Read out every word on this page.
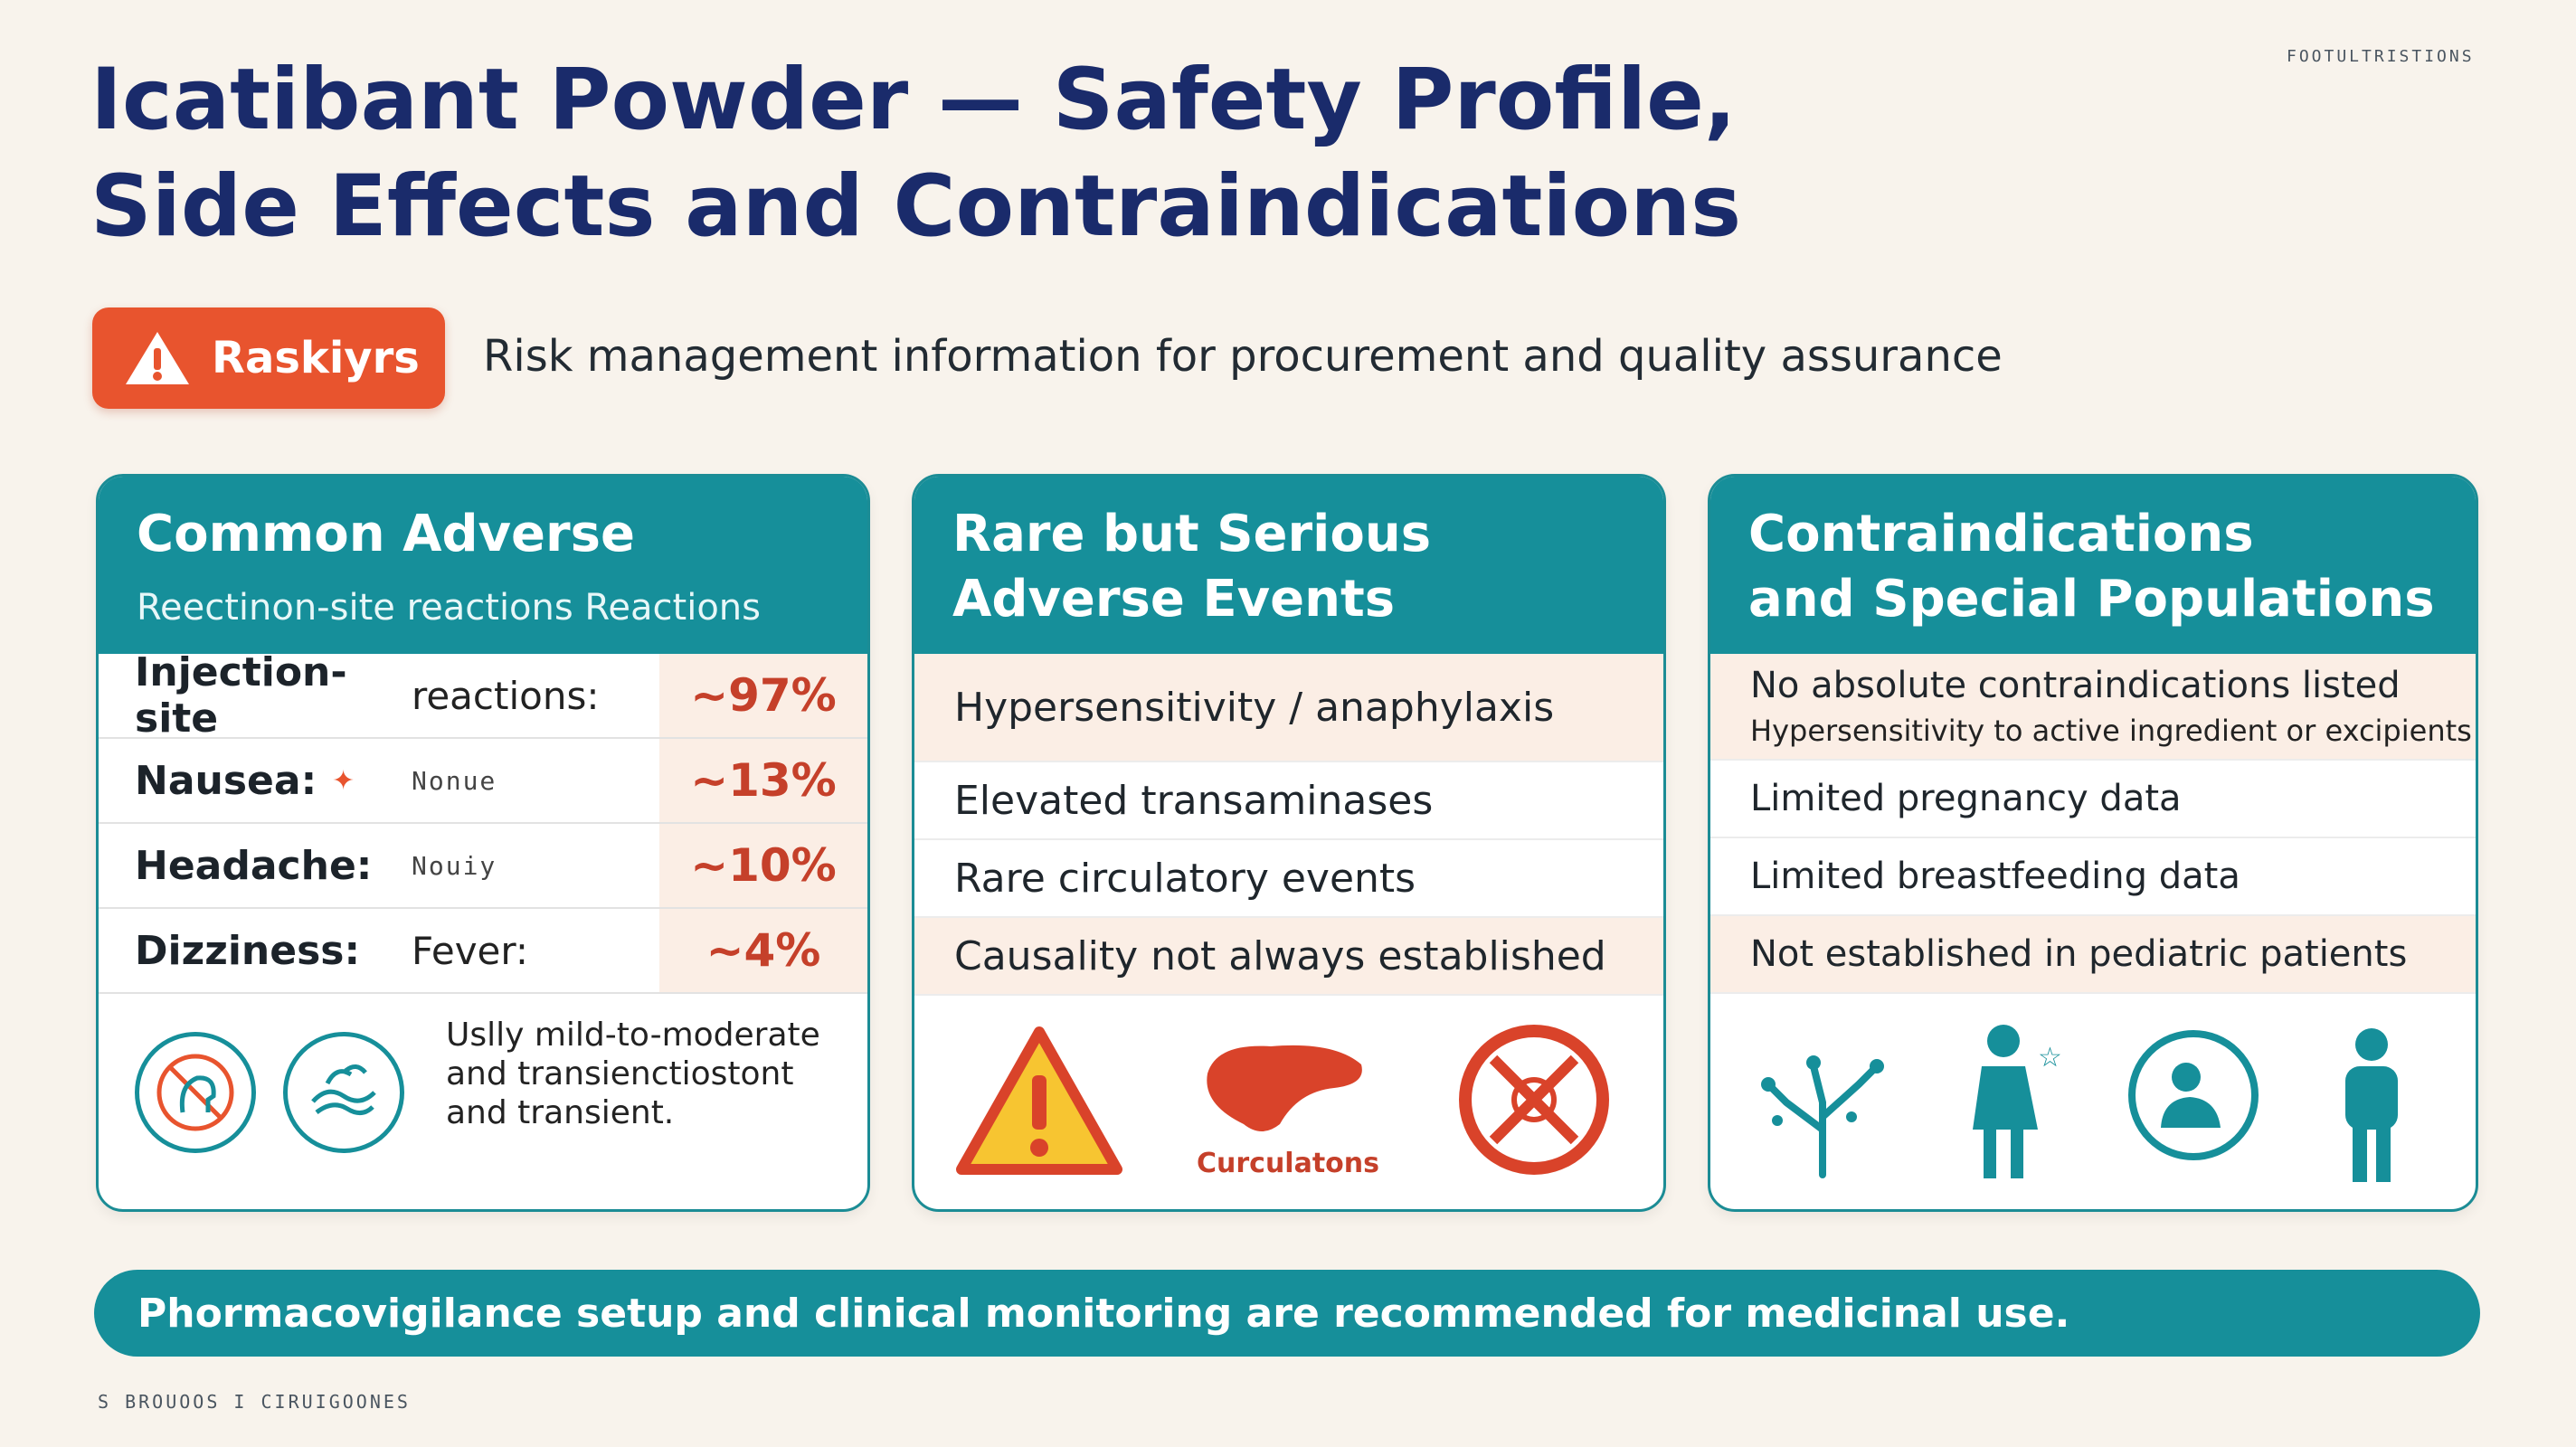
FOOTULTRISTIONS
Icatibant Powder — Safety Profile,
Side Effects and Contraindications
Raskiyrs Risk management information for procurement and quality assurance
Common Adverse
Reectinon-site reactions Reactions
Injection-site	reactions:	~97%
Nausea: ✦ Nonue	~13%
Headache:	Nouiy	~10%
Dizziness:	Fever:	~4%
Uslly mild-to-moderate
and transienctiostont
and transient.
Rare but Serious
Adverse Events
Hypersensitivity / anaphylaxis
Elevated transaminases
Rare circulatory events
Causality not always established
Curculatons
Contraindications
and Special Populations
No absolute contraindications listed
Hypersensitivity to active ingredient or excipients
Limited pregnancy data
Limited breastfeeding data
Not established in pediatric patients
☆
Phormacovigilance setup and clinical monitoring are recommended for medicinal use.
S BROUOOS I CIRUIGOONES
